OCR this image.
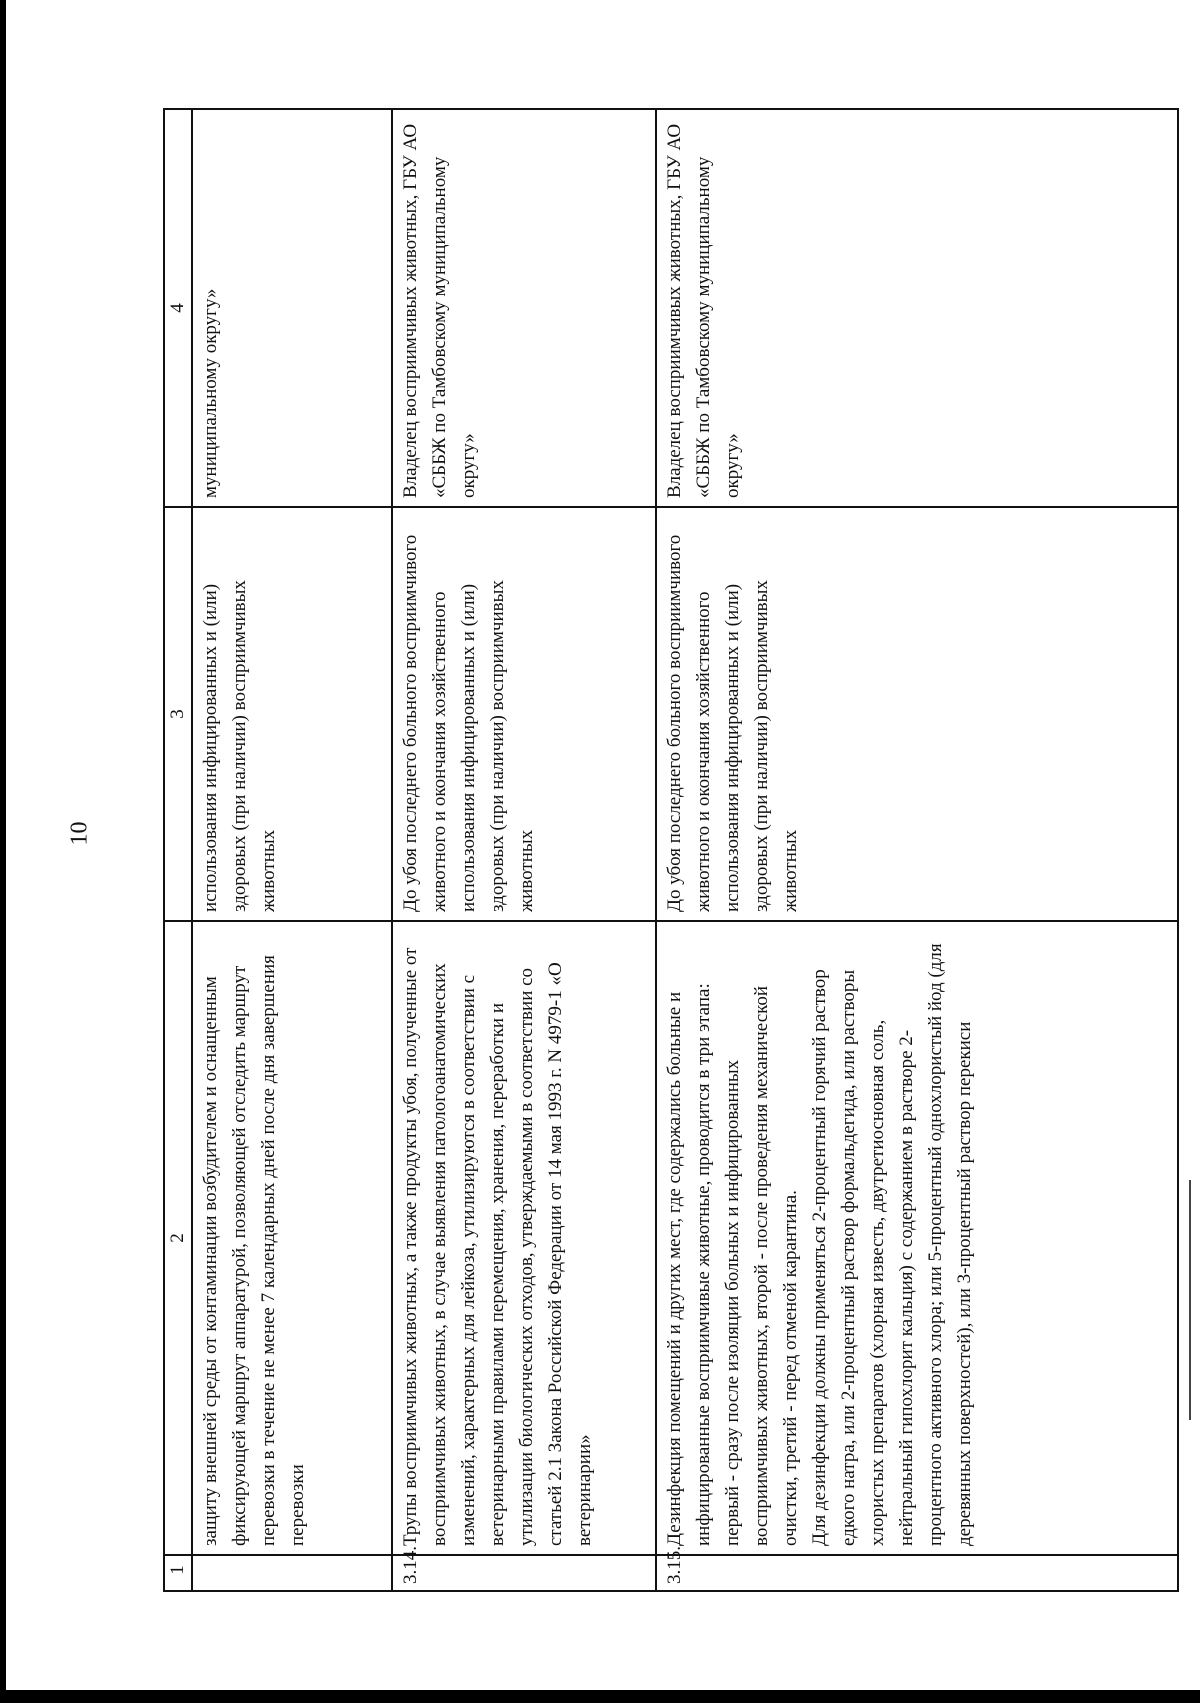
10
1	2	3	4

	защиту внешней среды от контаминации возбудителем и оснащенным фиксирующей маршрут аппаратурой, позволяющей отследить маршрут перевозки в течение не менее 7 календарных дней после дня завершения перевозки	использования инфицированных и (или) здоровых (при наличии) восприимчивых животных	муниципальному округу»
3.14.	Трупы восприимчивых животных, а также продукты убоя, полученные от восприимчивых животных, в случае выявления патологоанатомических изменений, характерных для лейкоза, утилизируются в соответствии с ветеринарными правилами перемещения, хранения, переработки и утилизации биологических отходов, утверждаемыми в соответствии со статьей 2.1 Закона Российской Федерации от 14 мая 1993 г. N 4979-1 «О ветеринарии»	До убоя последнего больного восприимчивого животного и окончания хозяйственного использования инфицированных и (или) здоровых (при наличии) восприимчивых животных	Владелец восприимчивых животных, ГБУ АО «СББЖ по Тамбовскому муниципальному округу»
3.15.	Дезинфекция помещений и других мест, где содержались больные и инфицированные восприимчивые животные, проводится в три этапа: первый - сразу после изоляции больных и инфицированных восприимчивых животных, второй - после проведения механической очистки, третий - перед отменой карантина. Для дезинфекции должны применяться 2-процентный горячий раствор едкого натра, или 2-процентный раствор формальдегида, или растворы хлористых препаратов (хлорная известь, двутретиосновная соль, нейтральный гипохлорит кальция) с содержанием в растворе 2-процентного активного хлора; или 5-процентный однохлористый йод (для деревянных поверхностей), или 3-процентный раствор перекиси	До убоя последнего больного восприимчивого животного и окончания хозяйственного использования инфицированных и (или) здоровых (при наличии) восприимчивых животных	Владелец восприимчивых животных, ГБУ АО «СББЖ по Тамбовскому муниципальному округу»
